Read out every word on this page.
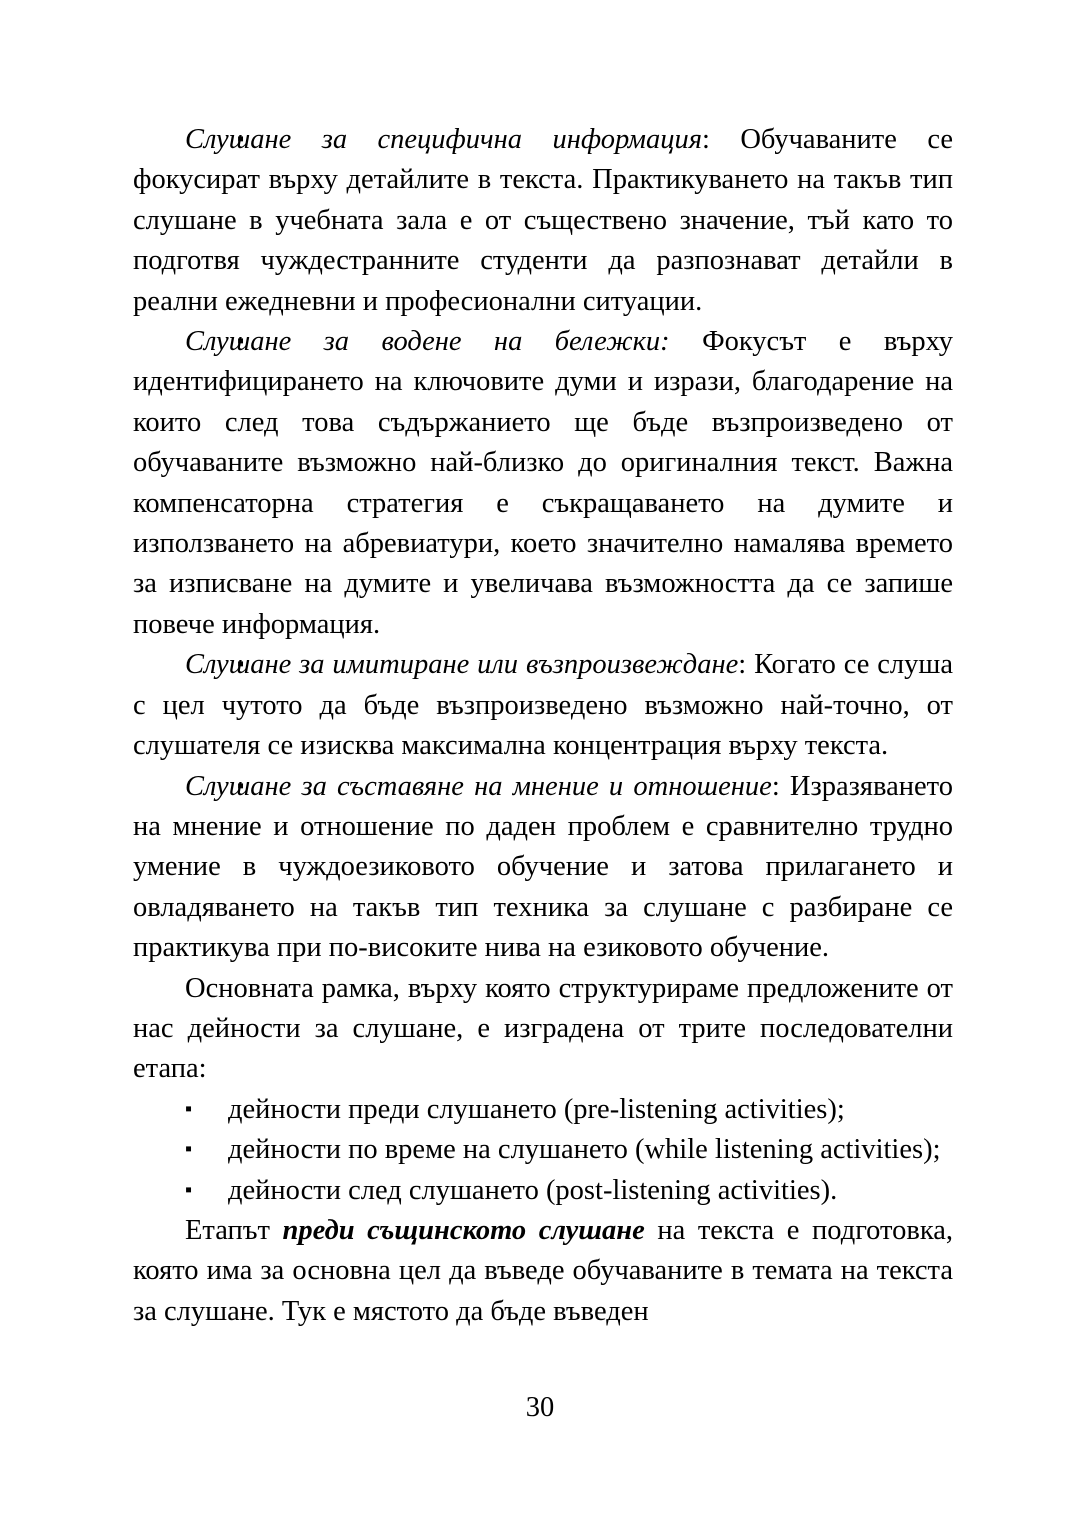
▪ Слушане за специфична информация: Обучаваните се фокусират върху детайлите в текста. Практикуването на такъв тип слушане в учебната зала е от съществено значение, тъй като то подготвя чуждестранните студенти да разпознават детайли в реални ежедневни и професионални ситуации.
▪ Слушане за водене на бележки: Фокусът е върху идентифицирането на ключовите думи и изрази, благодарение на които след това съдържанието ще бъде възпроизведено от обучаваните възможно най-близко до оригиналния текст. Важна компенсаторна стратегия е съкращаването на думите и използването на абревиатури, което значително намалява времето за изписване на думите и увеличава възможността да се запише повече информация.
▪ Слушане за имитиране или възпроизвеждане: Когато се слуша с цел чутото да бъде възпроизведено възможно най-точно, от слушателя се изисква максимална концентрация върху текста.
▪ Слушане за съставяне на мнение и отношение: Изразяването на мнение и отношение по даден проблем е сравнително трудно умение в чуждоезиковото обучение и затова прилагането и овладяването на такъв тип техника за слушане с разбиране се практикува при по-високите нива на езиковото обучение.

Основната рамка, върху която структурираме предложените от нас дейности за слушане, е изградена от трите последователни етапа:

▪ дейности преди слушането (pre-listening activities);
▪ дейности по време на слушането (while listening activities);
▪ дейности след слушането (post-listening activities).

Етапът преди същинското слушане на текста е подготовка, която има за основна цел да въведе обучаваните в темата на текста за слушане. Тук е мястото да бъде въведен

30
